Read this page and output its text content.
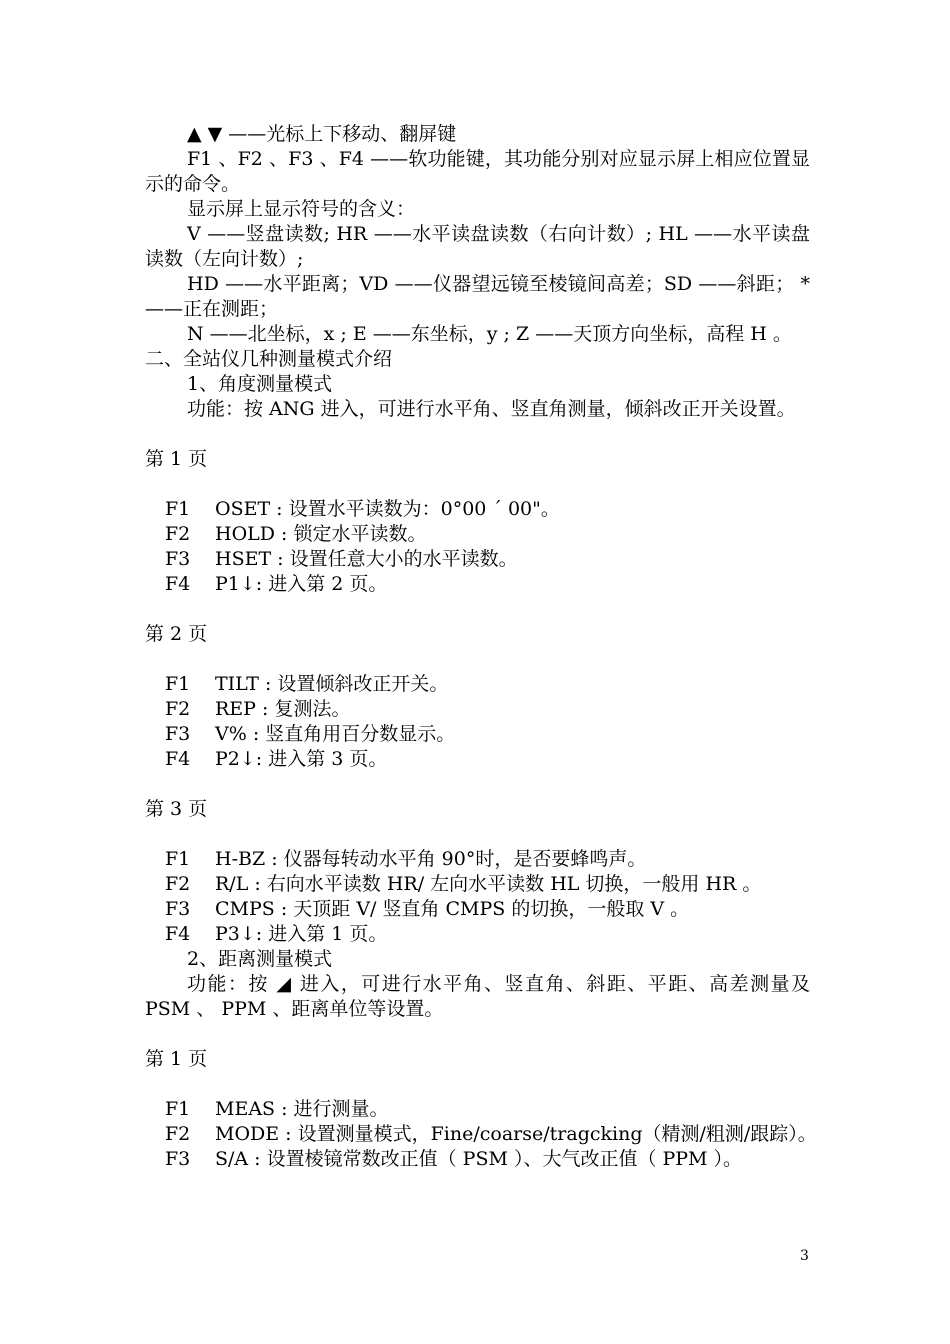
▲ ▼ ——光标上下移动、翻屏键
F1 、F2 、F3 、F4 ——软功能键，其功能分别对应显示屏上相应位置显示的命令。
显示屏上显示符号的含义：
V ——竖盘读数; HR ——水平读盘读数（右向计数）; HL ——水平读盘读数（左向计数）;
HD ——水平距离；VD ——仪器望远镜至棱镜间高差；SD ——斜距； * ——正在测距；
N ——北坐标，x ; E ——东坐标，y ; Z ——天顶方向坐标，高程 H 。
二、全站仪几种测量模式介绍
1、角度测量模式
功能：按 ANG 进入，可进行水平角、竖直角测量，倾斜改正开关设置。
第 1 页
F1 OSET : 设置水平读数为：0°00 ´ 00"。
F2 HOLD : 锁定水平读数。
F3 HSET : 设置任意大小的水平读数。
F4 P1↓: 进入第 2 页。
第 2 页
F1 TILT : 设置倾斜改正开关。
F2 REP : 复测法。
F3 V% : 竖直角用百分数显示。
F4 P2↓: 进入第 3 页。
第 3 页
F1 H-BZ : 仪器每转动水平角 90°时，是否要蜂鸣声。
F2 R/L : 右向水平读数 HR/ 左向水平读数 HL 切换，一般用 HR 。
F3 CMPS : 天顶距 V/ 竖直角 CMPS 的切换，一般取 V 。
F4 P3↓: 进入第 1 页。
2、距离测量模式
功能：按 ◢ 进入，可进行水平角、竖直角、斜距、平距、高差测量及 PSM 、 PPM 、距离单位等设置。
第 1 页
F1 MEAS : 进行测量。
F2 MODE : 设置测量模式，Fine/coarse/tragcking（精测/粗测/跟踪）。
F3 S/A : 设置棱镜常数改正值（ PSM ）、大气改正值（ PPM ）。
3
